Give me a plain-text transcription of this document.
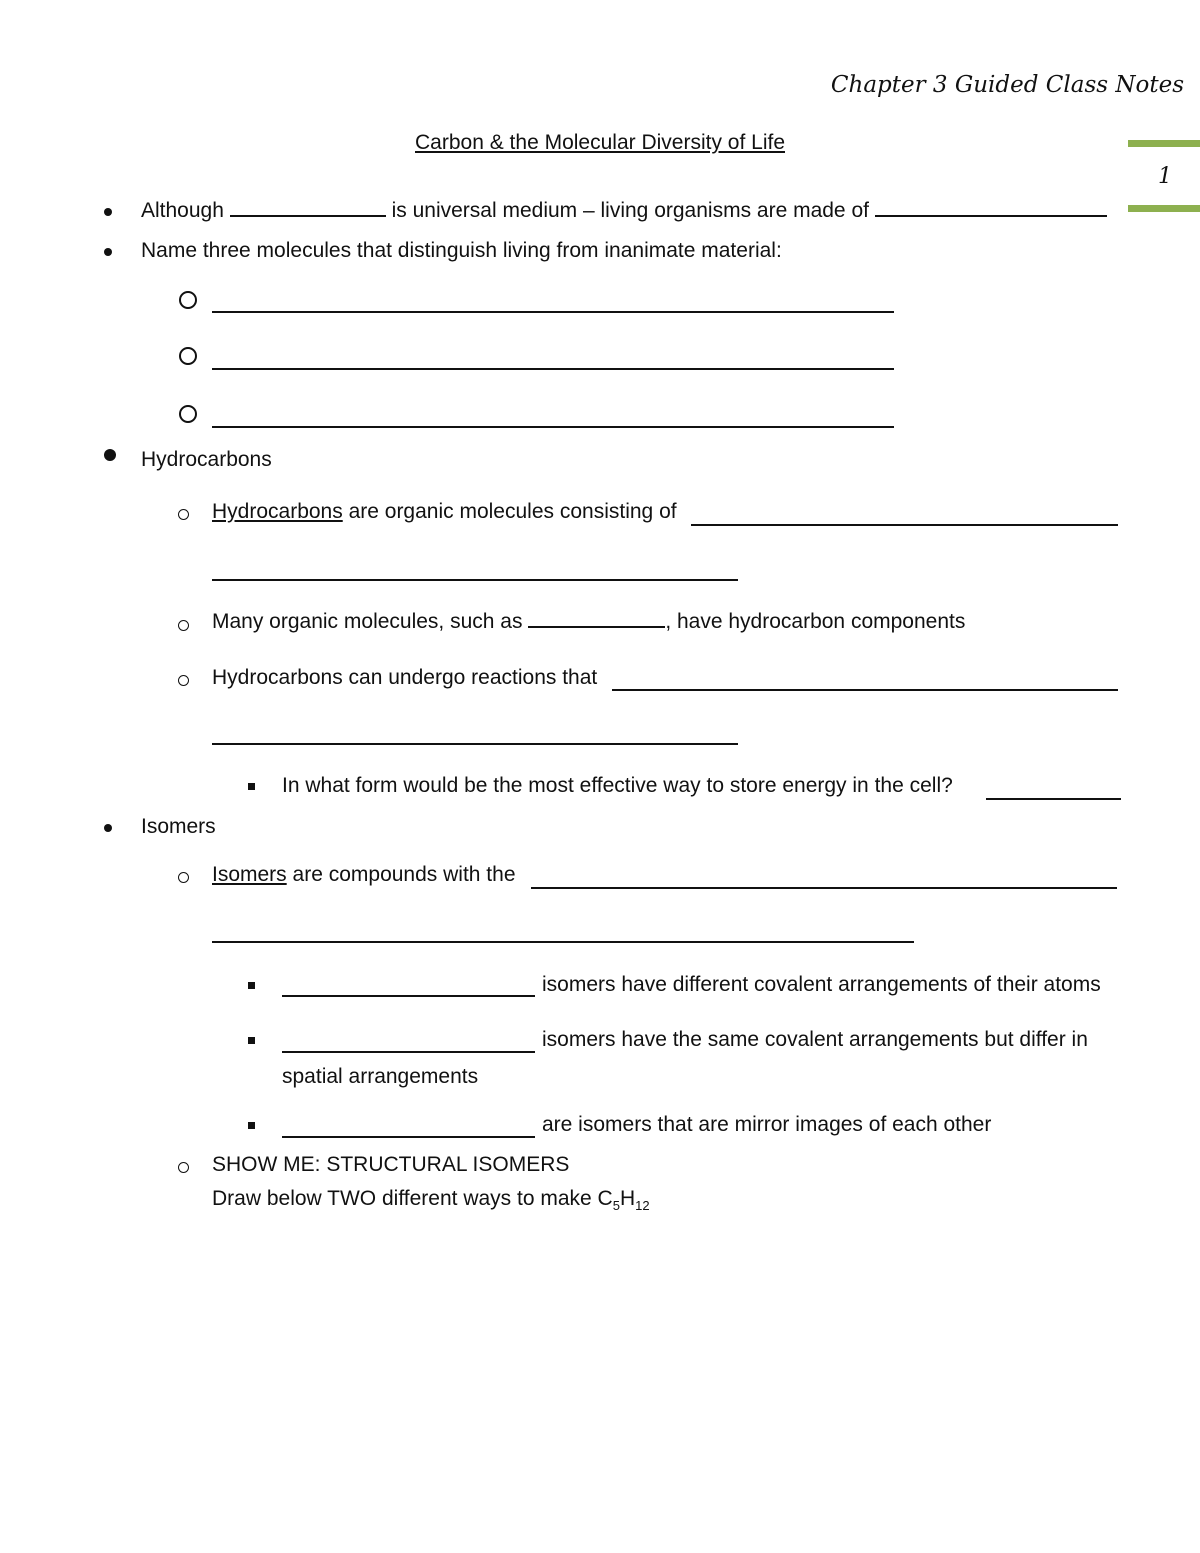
Chapter 3 Guided Class Notes
1
Carbon & the Molecular Diversity of Life
Although	is universal medium – living organisms are made of
Name three molecules that distinguish living from inanimate material:
Hydrocarbons
Hydrocarbons are organic molecules consisting of
Many organic molecules, such as	, have hydrocarbon components
Hydrocarbons can undergo reactions that
In what form would be the most effective way to store energy in the cell?
Isomers
Isomers are compounds with the
isomers have different covalent arrangements of their atoms
isomers have the same covalent arrangements but differ in
spatial arrangements
are isomers that are mirror images of each other
SHOW ME: STRUCTURAL ISOMERS
Draw below TWO different ways to make $C_5H_{12}$
